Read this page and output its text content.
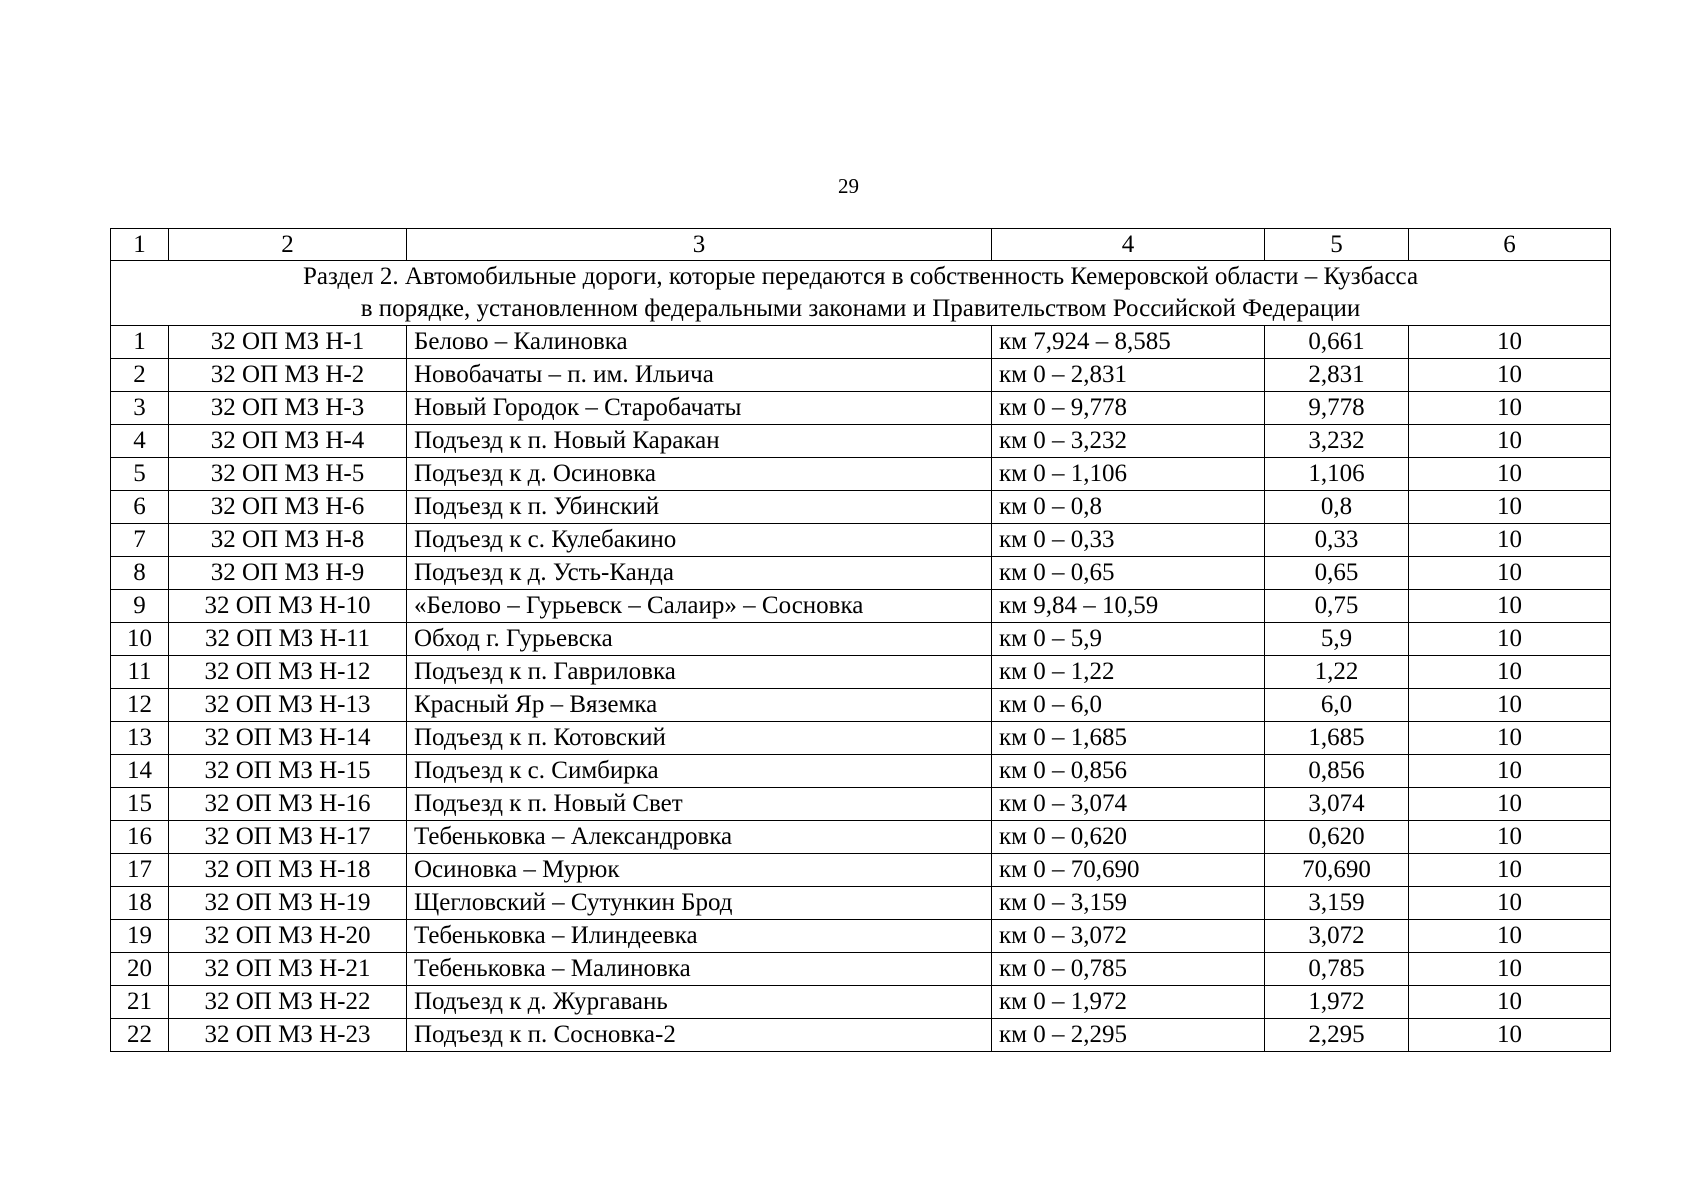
29
1	2	3	4	5	6

Раздел 2. Автомобильные дороги, которые передаются в собственность Кемеровской области – Кузбасса
в порядке, установленном федеральными законами и Правительством Российской Федерации					

1	32 ОП МЗ Н-1	Белово – Калиновка	км 7,924 – 8,585	0,661	10
2	32 ОП МЗ Н-2	Новобачаты – п. им. Ильича	км 0 – 2,831	2,831	10
3	32 ОП МЗ Н-3	Новый Городок – Старобачаты	км 0 – 9,778	9,778	10
4	32 ОП МЗ Н-4	Подъезд к п. Новый Каракан	км 0 – 3,232	3,232	10
5	32 ОП МЗ Н-5	Подъезд к д. Осиновка	км 0 – 1,106	1,106	10
6	32 ОП МЗ Н-6	Подъезд к п. Убинский	км 0 – 0,8	0,8	10
7	32 ОП МЗ Н-8	Подъезд к с. Кулебакино	км 0 – 0,33	0,33	10
8	32 ОП МЗ Н-9	Подъезд к д. Усть-Канда	км 0 – 0,65	0,65	10
9	32 ОП МЗ Н-10	«Белово – Гурьевск – Салаир» – Сосновка	км 9,84 – 10,59	0,75	10
10	32 ОП МЗ Н-11	Обход г. Гурьевска	км 0 – 5,9	5,9	10
11	32 ОП МЗ Н-12	Подъезд к п. Гавриловка	км 0 – 1,22	1,22	10
12	32 ОП МЗ Н-13	Красный Яр – Вяземка	км 0 – 6,0	6,0	10
13	32 ОП МЗ Н-14	Подъезд к п. Котовский	км 0 – 1,685	1,685	10
14	32 ОП МЗ Н-15	Подъезд к с. Симбирка	км 0 – 0,856	0,856	10
15	32 ОП МЗ Н-16	Подъезд к п. Новый Свет	км 0 – 3,074	3,074	10
16	32 ОП МЗ Н-17	Тебеньковка – Александровка	км 0 – 0,620	0,620	10
17	32 ОП МЗ Н-18	Осиновка – Мурюк	км 0 – 70,690	70,690	10
18	32 ОП МЗ Н-19	Щегловский – Сутункин Брод	км 0 – 3,159	3,159	10
19	32 ОП МЗ Н-20	Тебеньковка – Илиндеевка	км 0 – 3,072	3,072	10
20	32 ОП МЗ Н-21	Тебеньковка – Малиновка	км 0 – 0,785	0,785	10
21	32 ОП МЗ Н-22	Подъезд к д. Жургавань	км 0 – 1,972	1,972	10
22	32 ОП МЗ Н-23	Подъезд к п. Сосновка-2	км 0 – 2,295	2,295	10
